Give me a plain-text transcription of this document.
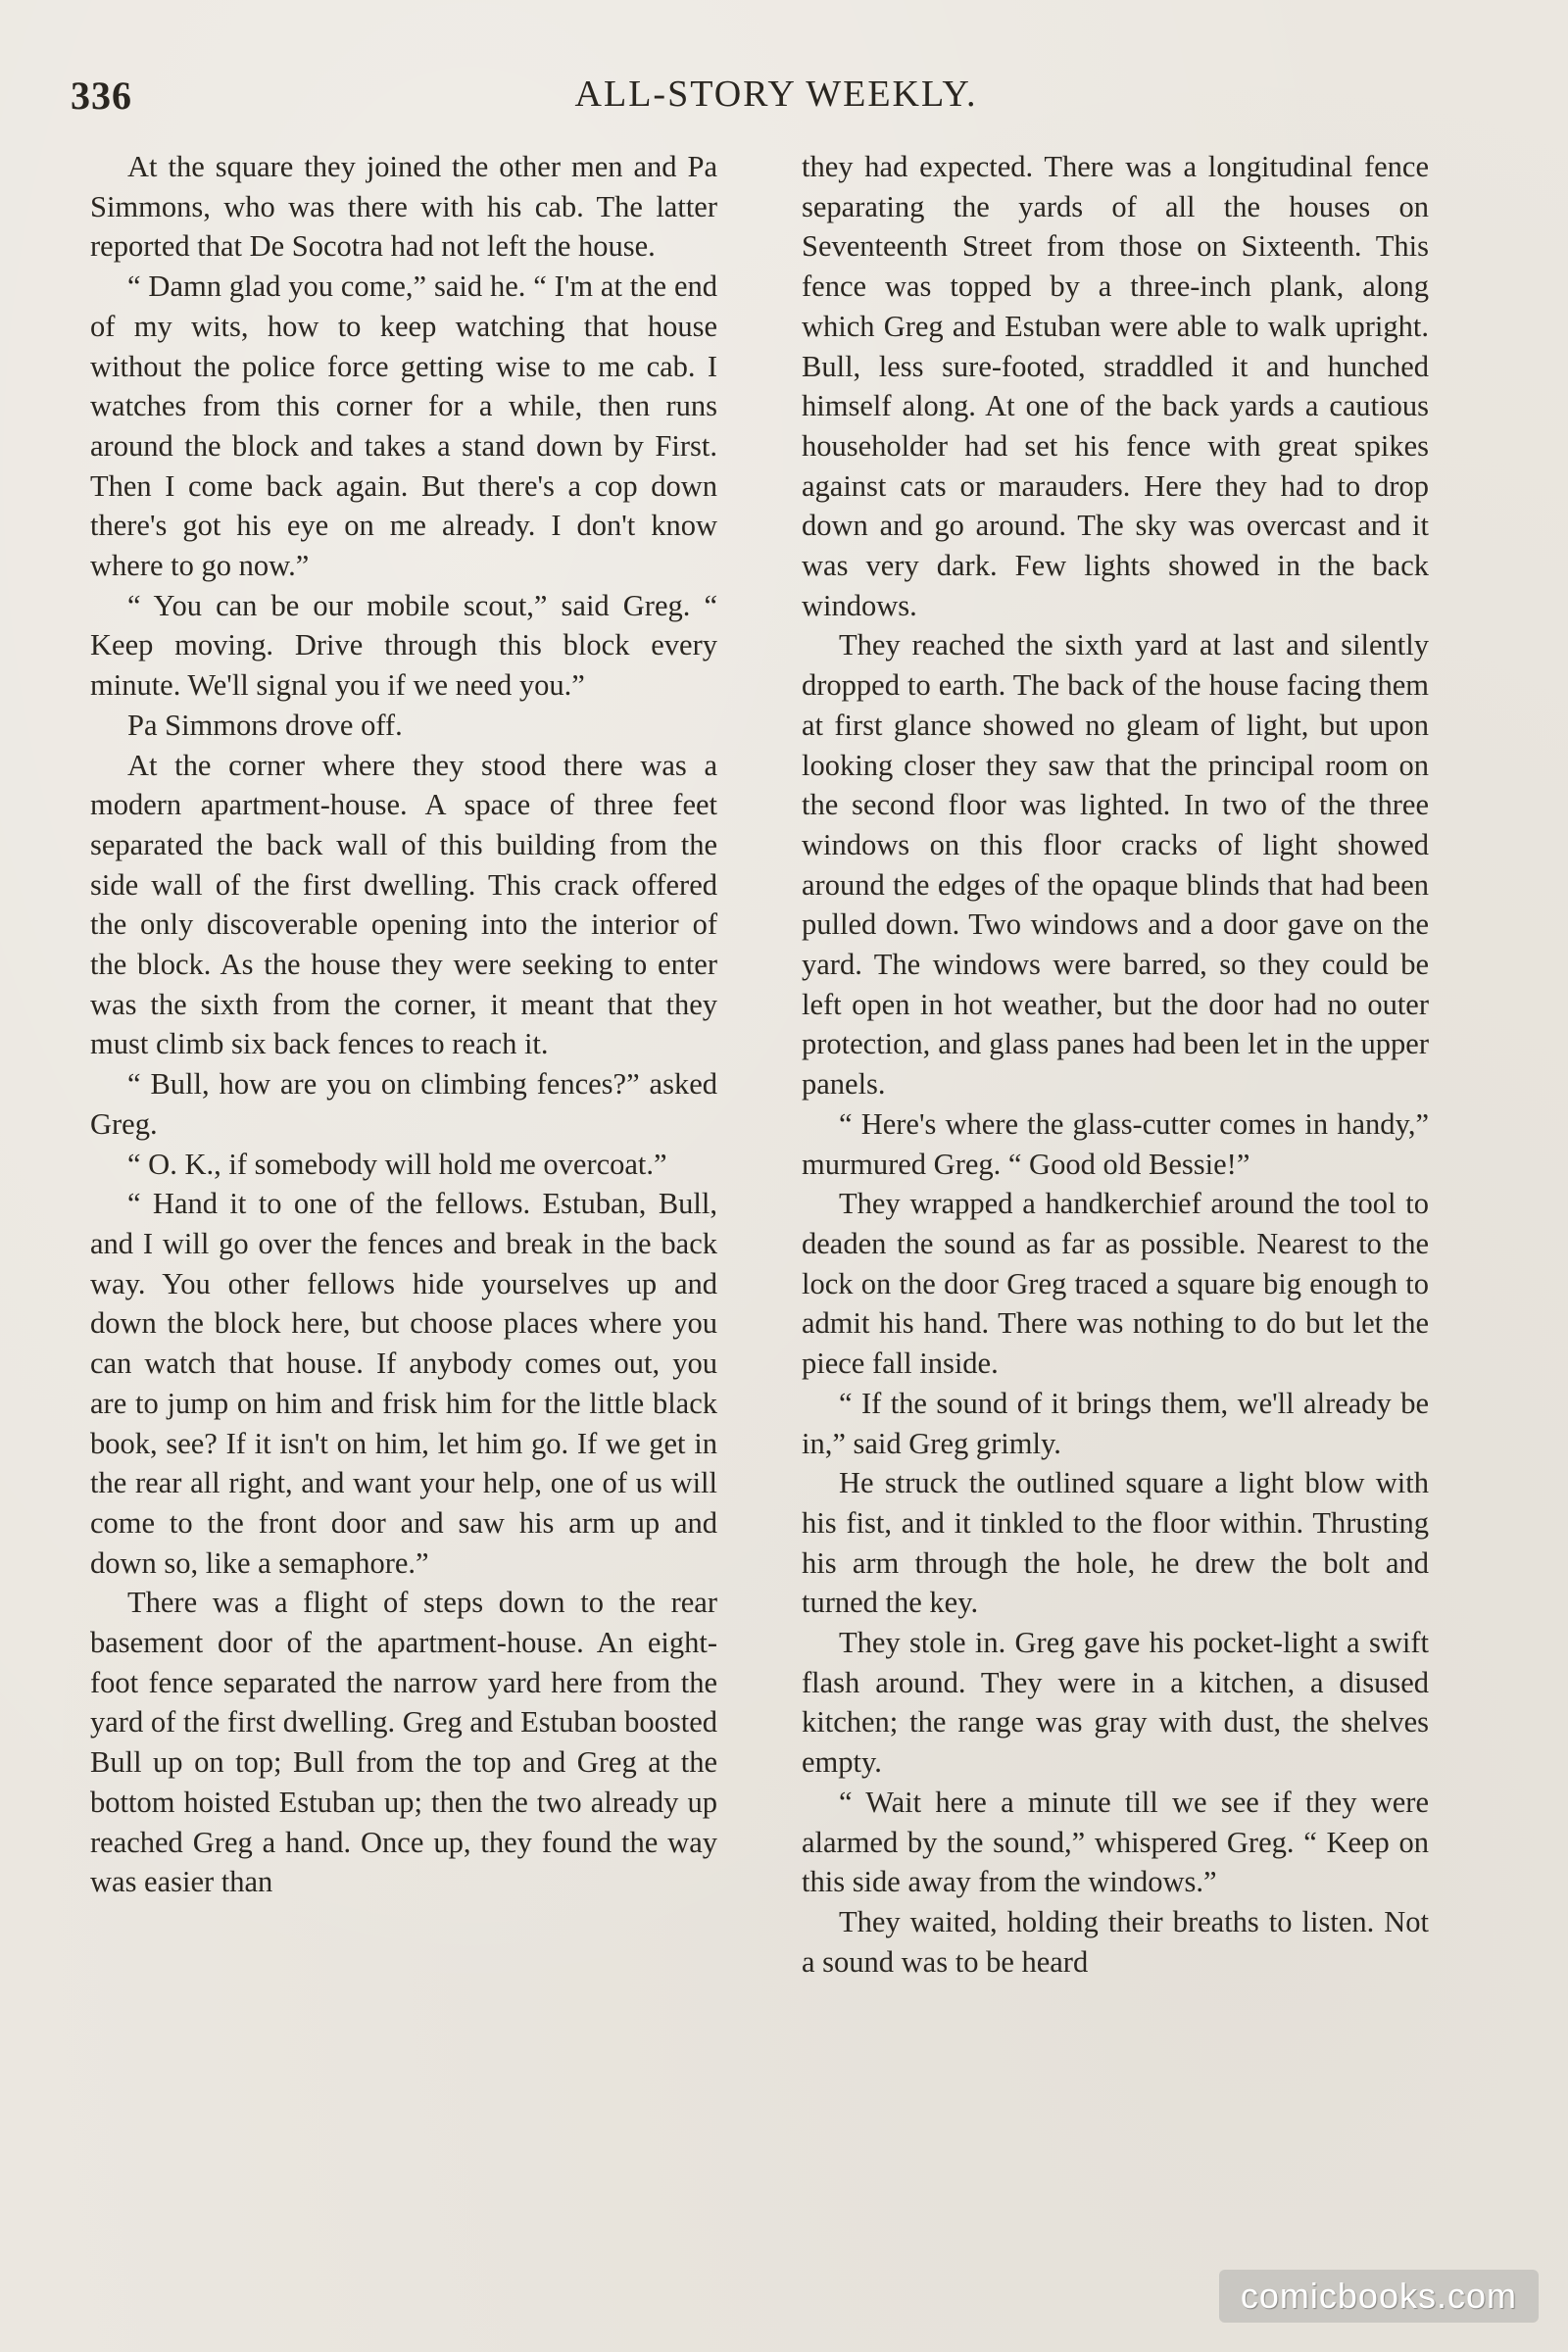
336	ALL-STORY WEEKLY.

At the square they joined the other men and Pa Simmons, who was there with his cab. The latter reported that De Socotra had not left the house.

“ Damn glad you come,” said he. “ I'm at the end of my wits, how to keep watching that house without the police force getting wise to me cab. I watches from this corner for a while, then runs around the block and takes a stand down by First. Then I come back again. But there's a cop down there's got his eye on me already. I don't know where to go now.”

“ You can be our mobile scout,” said Greg. “ Keep moving. Drive through this block every minute. We'll signal you if we need you.”

Pa Simmons drove off.

At the corner where they stood there was a modern apartment-house. A space of three feet separated the back wall of this building from the side wall of the first dwelling. This crack offered the only discoverable opening into the interior of the block. As the house they were seeking to enter was the sixth from the corner, it meant that they must climb six back fences to reach it.

“ Bull, how are you on climbing fences?” asked Greg.

“ O. K., if somebody will hold me overcoat.”

“ Hand it to one of the fellows. Estuban, Bull, and I will go over the fences and break in the back way. You other fellows hide yourselves up and down the block here, but choose places where you can watch that house. If anybody comes out, you are to jump on him and frisk him for the little black book, see? If it isn't on him, let him go. If we get in the rear all right, and want your help, one of us will come to the front door and saw his arm up and down so, like a semaphore.”

There was a flight of steps down to the rear basement door of the apartment-house. An eight-foot fence separated the narrow yard here from the yard of the first dwelling. Greg and Estuban boosted Bull up on top; Bull from the top and Greg at the bottom hoisted Estuban up; then the two already up reached Greg a hand. Once up, they found the way was easier than

they had expected. There was a longitudinal fence separating the yards of all the houses on Seventeenth Street from those on Sixteenth. This fence was topped by a three-inch plank, along which Greg and Estuban were able to walk upright. Bull, less sure-footed, straddled it and hunched himself along. At one of the back yards a cautious householder had set his fence with great spikes against cats or marauders. Here they had to drop down and go around. The sky was overcast and it was very dark. Few lights showed in the back windows.

They reached the sixth yard at last and silently dropped to earth. The back of the house facing them at first glance showed no gleam of light, but upon looking closer they saw that the principal room on the second floor was lighted. In two of the three windows on this floor cracks of light showed around the edges of the opaque blinds that had been pulled down. Two windows and a door gave on the yard. The windows were barred, so they could be left open in hot weather, but the door had no outer protection, and glass panes had been let in the upper panels.

“ Here's where the glass-cutter comes in handy,” murmured Greg. “ Good old Bessie!”

They wrapped a handkerchief around the tool to deaden the sound as far as possible. Nearest to the lock on the door Greg traced a square big enough to admit his hand. There was nothing to do but let the piece fall inside.

“ If the sound of it brings them, we'll already be in,” said Greg grimly.

He struck the outlined square a light blow with his fist, and it tinkled to the floor within. Thrusting his arm through the hole, he drew the bolt and turned the key.

They stole in. Greg gave his pocket-light a swift flash around. They were in a kitchen, a disused kitchen; the range was gray with dust, the shelves empty.

“ Wait here a minute till we see if they were alarmed by the sound,” whispered Greg. “ Keep on this side away from the windows.”

They waited, holding their breaths to listen. Not a sound was to be heard

comicbooks.com
